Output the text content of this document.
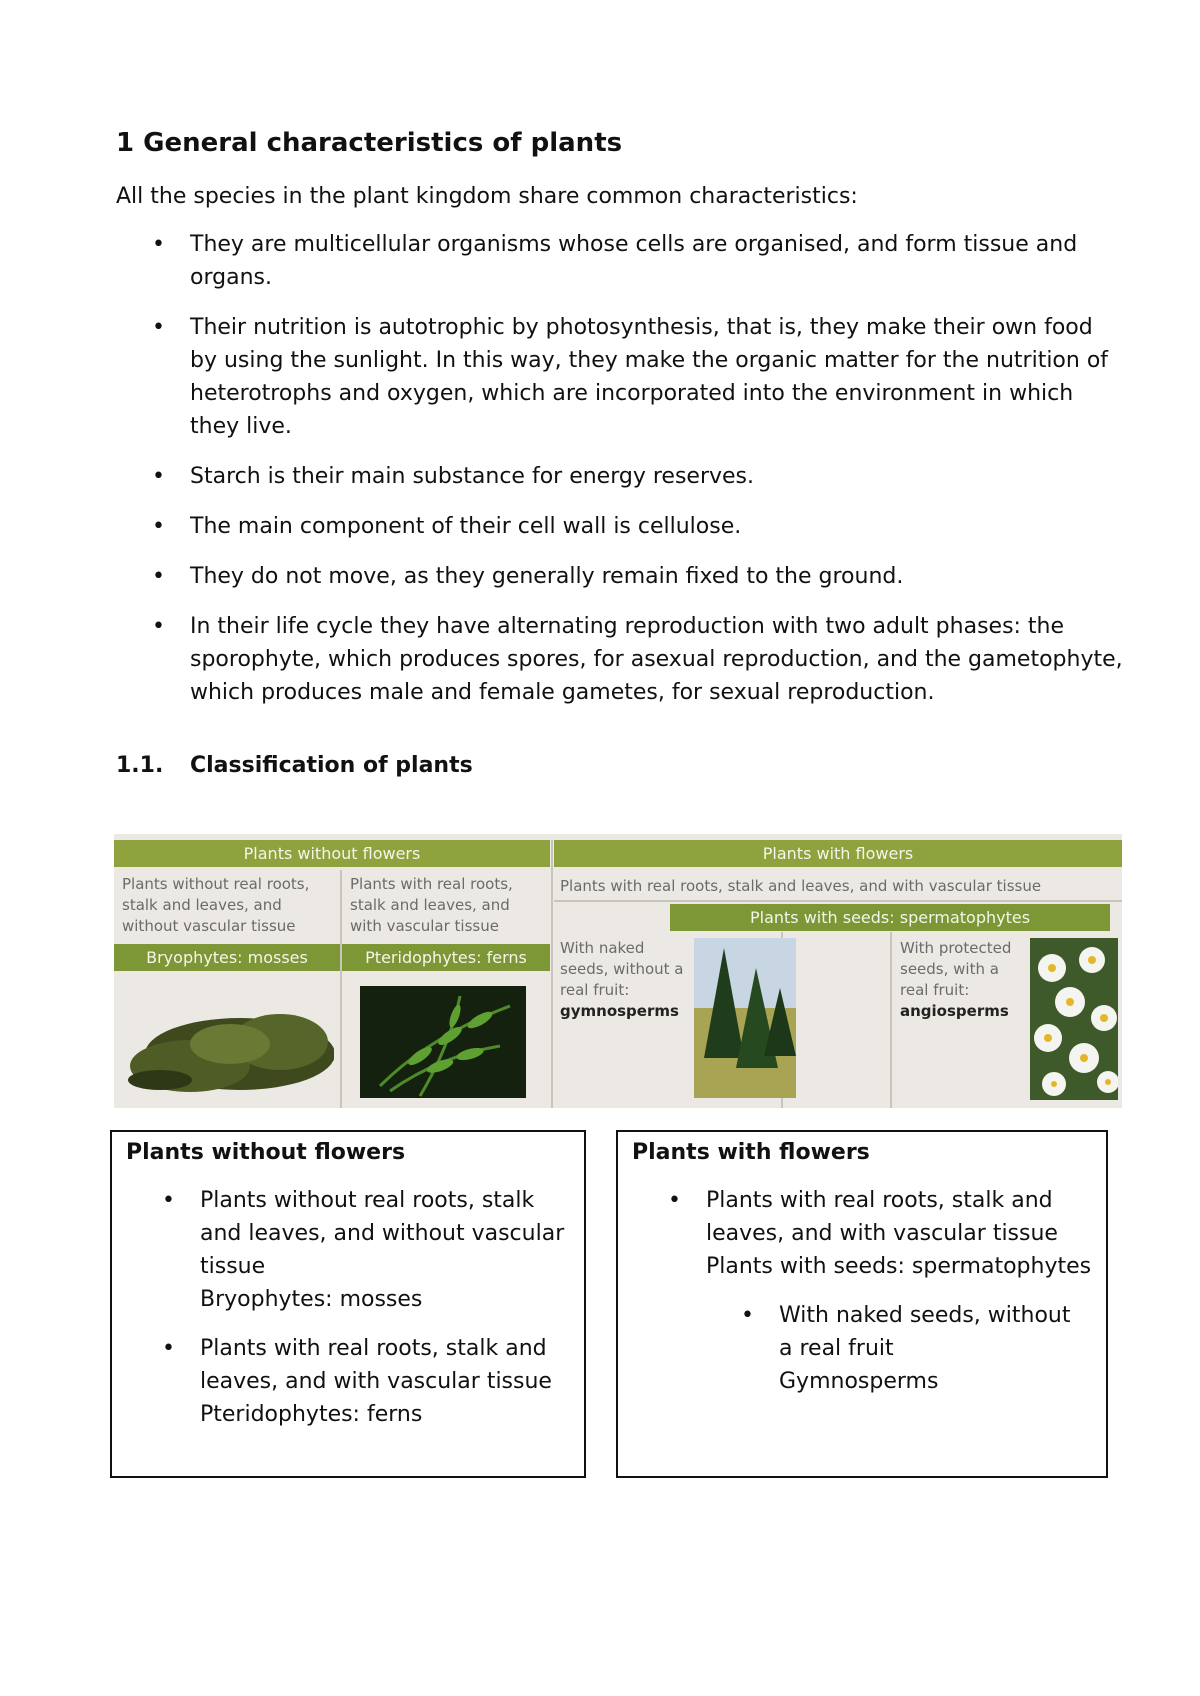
1 General characteristics of plants

All the species in the plant kingdom share common characteristics:

• They are multicellular organisms whose cells are organised, and form tissue and organs.
• Their nutrition is autotrophic by photosynthesis, that is, they make their own food by using the sunlight. In this way, they make the organic matter for the nutrition of heterotrophs and oxygen, which are incorporated into the environment in which they live.
• Starch is their main substance for energy reserves.
• The main component of their cell wall is cellulose.
• They do not move, as they generally remain fixed to the ground.
• In their life cycle they have alternating reproduction with two adult phases: the sporophyte, which produces spores, for asexual reproduction, and the gametophyte, which produces male and female gametes, for sexual reproduction.
1.1. Classification of plants
Plants without flowers	Plants with flowers
Plants without real roots, stalk and leaves, and without vascular tissue
Plants with real roots, stalk and leaves, and with vascular tissue
Plants with real roots, stalk and leaves, and with vascular tissue
Bryophytes: mosses	Pteridophytes: ferns
Plants with seeds: spermatophytes
With naked seeds, without a real fruit:
gymnosperms
With protected seeds, with a real fruit:
angiosperms
Plants without flowers
• Plants without real roots, stalk and leaves, and without vascular tissue
Bryophytes: mosses
• Plants with real roots, stalk and leaves, and with vascular tissue
Pteridophytes: ferns
Plants with flowers
• Plants with real roots, stalk and leaves, and with vascular tissue
Plants with seeds: spermatophytes
• With naked seeds, without a real fruit
Gymnosperms
